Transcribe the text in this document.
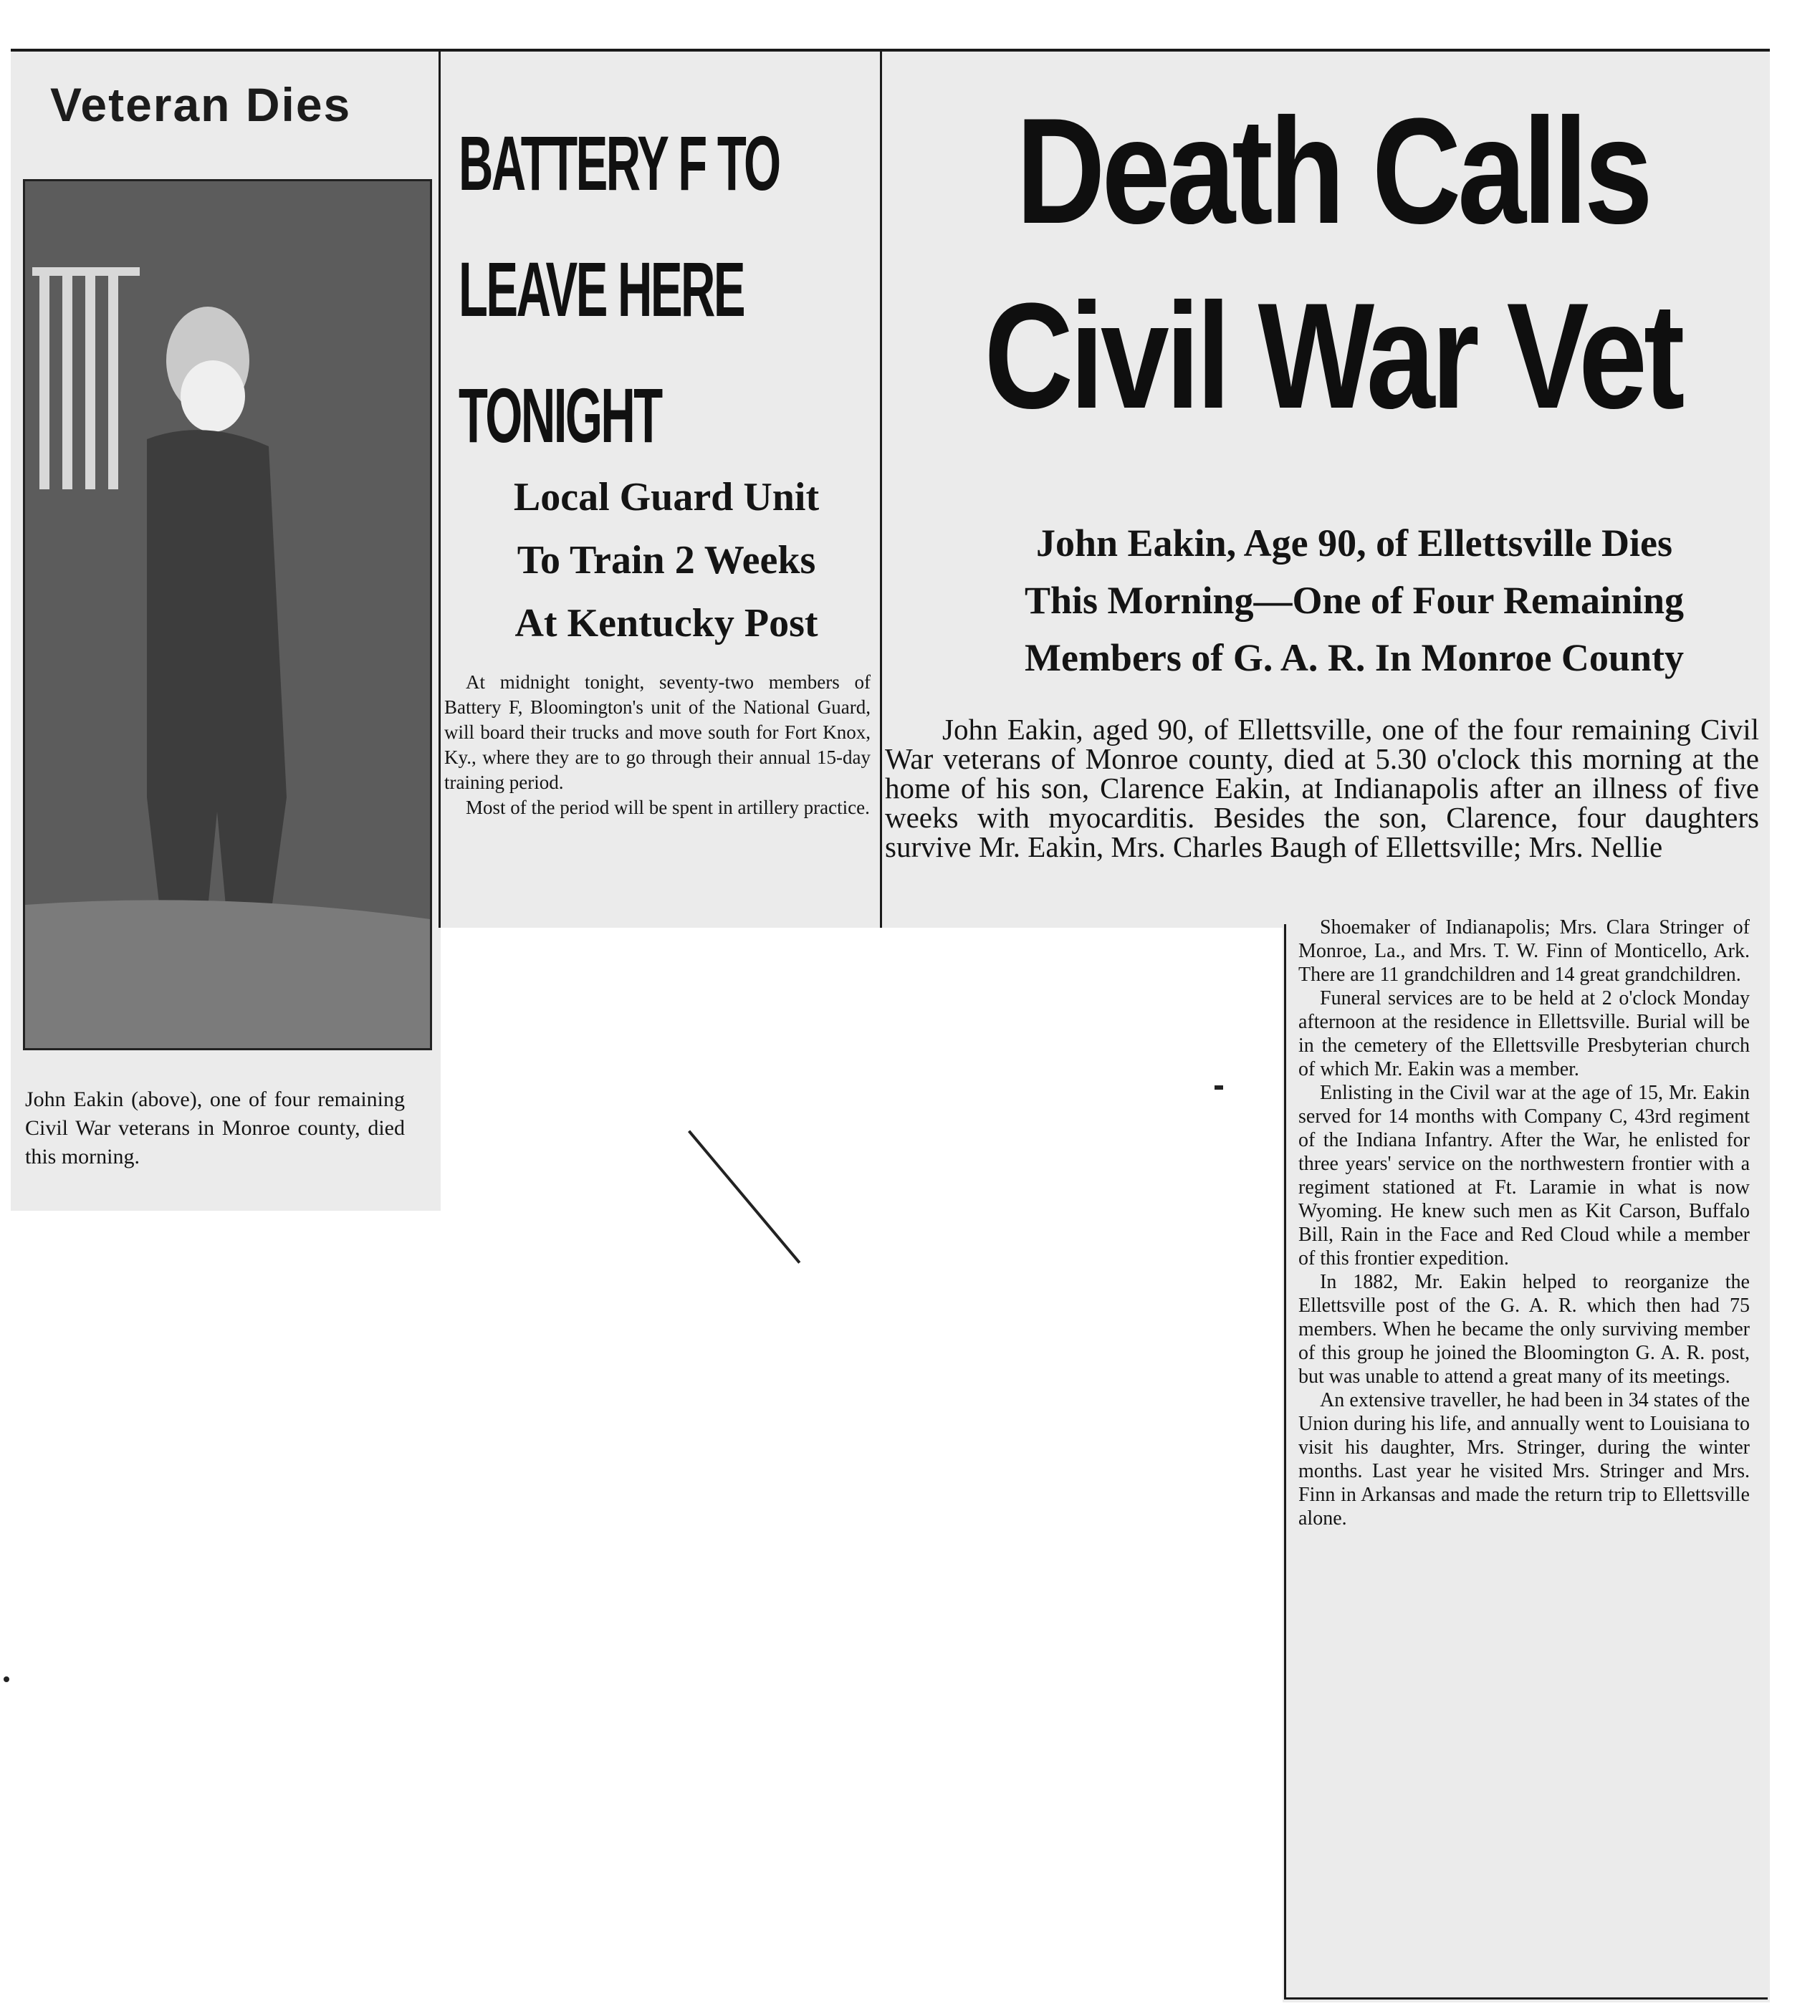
Veteran Dies
John Eakin (above), one of four remaining Civil War veterans in Monroe county, died this morning.
BATTERY F TO
LEAVE HERE
TONIGHT
Local Guard Unit
To Train 2 Weeks
At Kentucky Post

At midnight tonight, seventy-two members of Battery F, Bloomington's unit of the National Guard, will board their trucks and move south for Fort Knox, Ky., where they are to go through their annual 15-day training period.

Most of the period will be spent in artillery practice.

Death Calls
Civil War Vet
John Eakin, Age 90, of Ellettsville Dies
This Morning—One of Four Remaining
Members of G. A. R. In Monroe County
John Eakin, aged 90, of Ellettsville, one of the four remaining Civil War veterans of Monroe county, died at 5.30 o'clock this morning at the home of his son, Clarence Eakin, at Indianapolis after an illness of five weeks with myocarditis. Besides the son, Clarence, four daughters survive Mr. Eakin, Mrs. Charles Baugh of Ellettsville; Mrs. Nellie

Shoemaker of Indianapolis; Mrs. Clara Stringer of Monroe, La., and Mrs. T. W. Finn of Monticello, Ark. There are 11 grandchildren and 14 great grandchildren.

Funeral services are to be held at 2 o'clock Monday afternoon at the residence in Ellettsville. Burial will be in the cemetery of the Ellettsville Presbyterian church of which Mr. Eakin was a member.

Enlisting in the Civil war at the age of 15, Mr. Eakin served for 14 months with Company C, 43rd regiment of the Indiana Infantry. After the War, he enlisted for three years' service on the northwestern frontier with a regiment stationed at Ft. Laramie in what is now Wyoming. He knew such men as Kit Carson, Buffalo Bill, Rain in the Face and Red Cloud while a member of this frontier expedition.

In 1882, Mr. Eakin helped to reorganize the Ellettsville post of the G. A. R. which then had 75 members. When he became the only surviving member of this group he joined the Bloomington G. A. R. post, but was unable to attend a great many of its meetings.

An extensive traveller, he had been in 34 states of the Union during his life, and annually went to Louisiana to visit his daughter, Mrs. Stringer, during the winter months. Last year he visited Mrs. Stringer and Mrs. Finn in Arkansas and made the return trip to Ellettsville alone.
